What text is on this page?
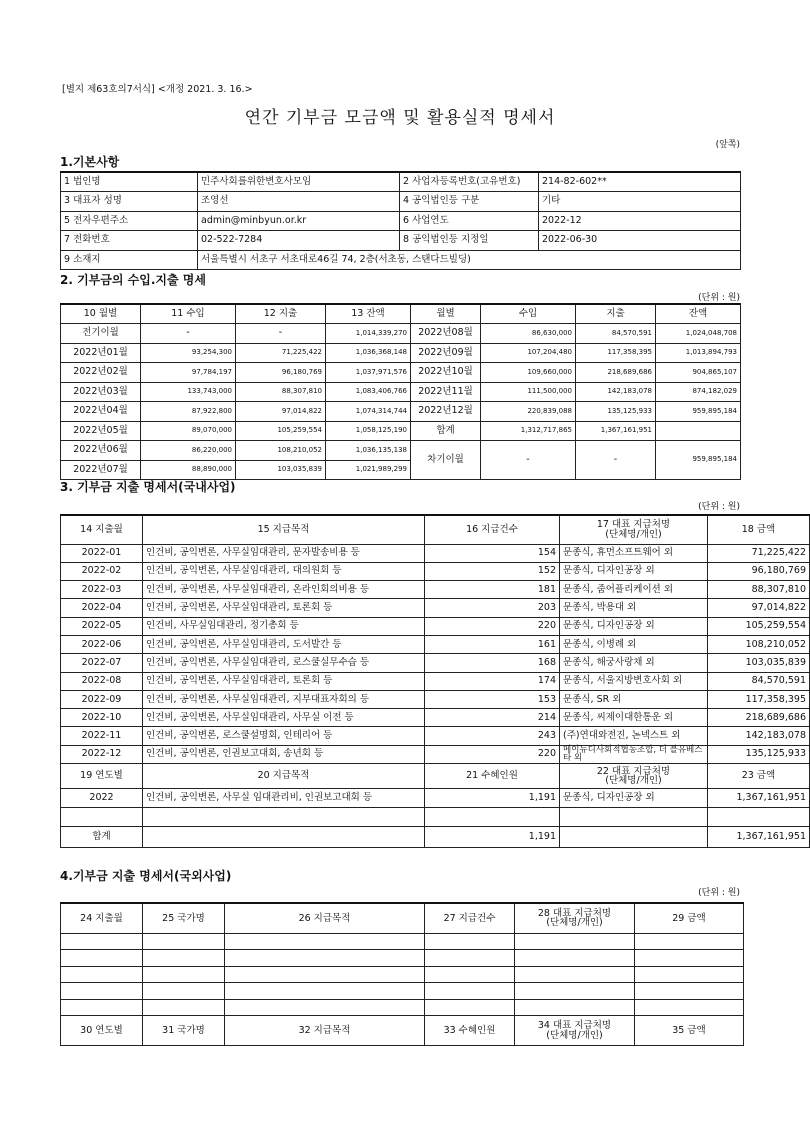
[별지 제63호의7서식] <개정 2021. 3. 16.>
연간 기부금 모금액 및 활용실적 명세서
(앞쪽)
1.기본사항
1 법인명	민주사회를위한변호사모임	2 사업자등록번호(고유번호)	214-82-602**
3 대표자 성명	조영선	4 공익법인등 구분	기타
5 전자우편주소	admin@minbyun.or.kr	6 사업연도	2022-12
7 전화번호	02-522-7284	8 공익법인등 지정일	2022-06-30
9 소재지	서울특별시 서초구 서초대로46길 74, 2층(서초동, 스탠다드빌딩)		
2. 기부금의 수입.지출 명세
(단위 : 원)
10 월별	11 수입	12 지출	13 잔액	월별	수입	지출	잔액
전기이월	-	-	1,014,339,270	2022년08월	86,630,000	84,570,591	1,024,048,708
2022년01월	93,254,300	71,225,422	1,036,368,148	2022년09월	107,204,480	117,358,395	1,013,894,793
2022년02월	97,784,197	96,180,769	1,037,971,576	2022년10월	109,660,000	218,689,686	904,865,107
2022년03월	133,743,000	88,307,810	1,083,406,766	2022년11월	111,500,000	142,183,078	874,182,029
2022년04월	87,922,800	97,014,822	1,074,314,744	2022년12월	220,839,088	135,125,933	959,895,184
2022년05월	89,070,000	105,259,554	1,058,125,190	합계	1,312,717,865	1,367,161,951	
2022년06월	86,220,000	108,210,052	1,036,135,138	차기이월	-	-	959,895,184
2022년07월	88,890,000	103,035,839	1,021,989,299				
3. 기부금 지출 명세서(국내사업)
(단위 : 원)
14 지출월	15 지급목적	16 지급건수	17 대표 지급처명
(단체명/개인)	18 금액
2022-01	인건비, 공익변론, 사무실임대관리, 문자발송비용 등	154	문종식, 휴먼소프트웨어 외	71,225,422
2022-02	인건비, 공익변론, 사무실임대관리, 대의원회 등	152	문종식, 디자인공장 외	96,180,769
2022-03	인건비, 공익변론, 사무실임대관리, 온라인회의비용 등	181	문종식, 줌어플리케이션 외	88,307,810
2022-04	인건비, 공익변론, 사무실임대관리, 토론회 등	203	문종식, 박용대 외	97,014,822
2022-05	인건비, 사무실임대관리, 정기총회 등	220	문종식, 디자인공장 외	105,259,554
2022-06	인건비, 공익변론, 사무실임대관리, 도서발간 등	161	문종식, 이병례 외	108,210,052
2022-07	인건비, 공익변론, 사무실임대관리, 로스쿨실무수습 등	168	문종식, 해궁사랑채 외	103,035,839
2022-08	인건비, 공익변론, 사무실임대관리, 토론회 등	174	문종식, 서울지방변호사회 외	84,570,591
2022-09	인건비, 공익변론, 사무실임대관리, 지부대표자회의 등	153	문종식, SR 외	117,358,395
2022-10	인건비, 공익변론, 사무실임대관리, 사무실 이전 등	214	문종식, 씨제이대한통운 외	218,689,686
2022-11	인건비, 공익변론, 로스쿨설명회, 인테리어 등	243	(주)연대와전진, 논넥스트 외	142,183,078
2022-12	인건비, 공익변론, 인권보고대회, 송년회 등	220	메이뉴디사회적협동조합, 더 블유베스타 외	135,125,933
19 연도별	20 지급목적	21 수혜인원	22 대표 지급처명
(단체명/개인)	23 금액
2022	인건비, 공익변론, 사무실 임대관리비, 인권보고대회 등	1,191	문종식, 디자인공장 외	1,367,161,951

합계		1,191		1,367,161,951
4.기부금 지출 명세서(국외사업)
(단위 : 원)
24 지출월	25 국가명	26 지급목적	27 지급건수	28 대표 지급처명
(단체명/개인)	29 금액

30 연도별	31 국가명	32 지급목적	33 수혜인원	34 대표 지급처명
(단체명/개인)	35 금액
